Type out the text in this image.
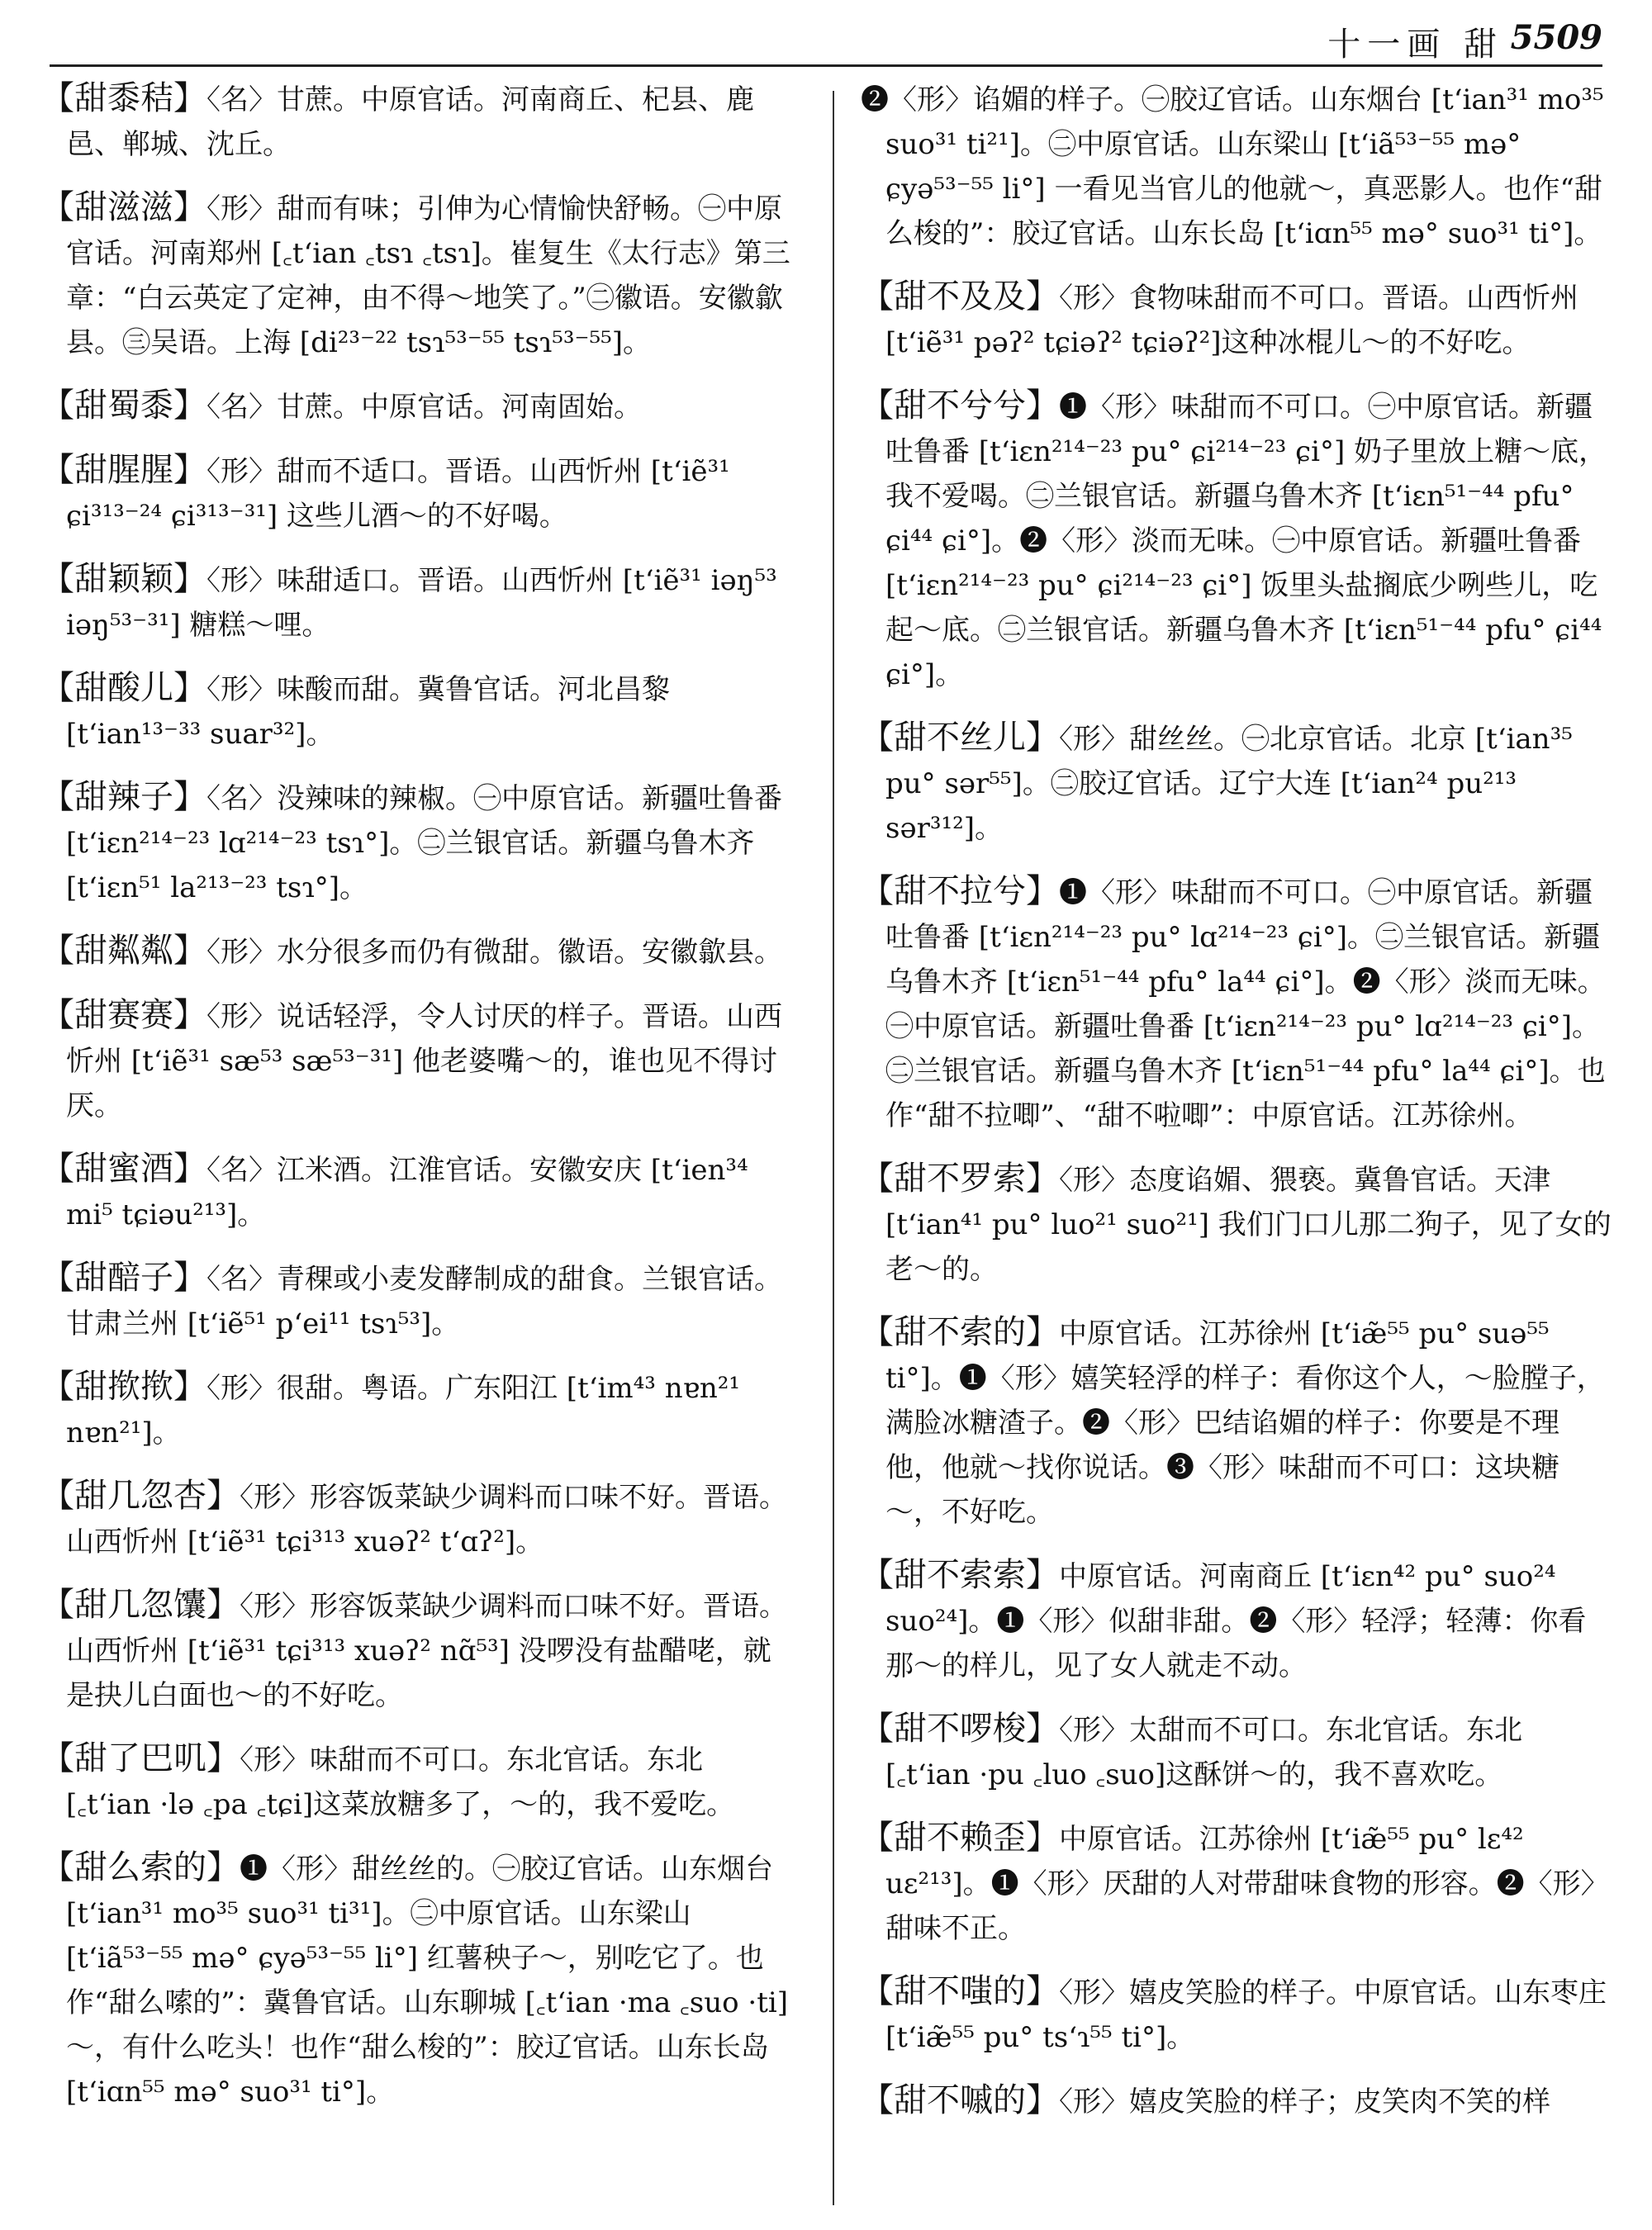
十一画 甜 5509

【甜黍秸】〈名〉甘蔗。中原官话。河南商丘、杞县、鹿邑、郸城、沈丘。

【甜滋滋】〈形〉甜而有味；引伸为心情愉快舒畅。㊀中原官话。河南郑州 [꜀tʻian ꜀tsɿ ꜀tsɿ]。崔复生《太行志》第三章：“白云英定了定神，由不得～地笑了。”㊁徽语。安徽歙县。㊂吴语。上海 [di²³⁻²² tsɿ⁵³⁻⁵⁵ tsɿ⁵³⁻⁵⁵]。

【甜蜀黍】〈名〉甘蔗。中原官话。河南固始。

【甜腥腥】〈形〉甜而不适口。晋语。山西忻州 [tʻiẽ³¹ ɕi³¹³⁻²⁴ ɕi³¹³⁻³¹] 这些儿酒～的不好喝。

【甜颖颖】〈形〉味甜适口。晋语。山西忻州 [tʻiẽ³¹ iəŋ⁵³ iəŋ⁵³⁻³¹] 糖糕～哩。

【甜酸儿】〈形〉味酸而甜。冀鲁官话。河北昌黎 [tʻian¹³⁻³³ suar³²]。

【甜辣子】〈名〉没辣味的辣椒。㊀中原官话。新疆吐鲁番 [tʻiɛn²¹⁴⁻²³ lɑ²¹⁴⁻²³ tsɿ°]。㊁兰银官话。新疆乌鲁木齐 [tʻiɛn⁵¹ la²¹³⁻²³ tsɿ°]。

【甜粼粼】〈形〉水分很多而仍有微甜。徽语。安徽歙县。

【甜赛赛】〈形〉说话轻浮，令人讨厌的样子。晋语。山西忻州 [tʻiẽ³¹ sæ⁵³ sæ⁵³⁻³¹] 他老婆嘴～的，谁也见不得讨厌。

【甜蜜酒】〈名〉江米酒。江淮官话。安徽安庆 [tʻien³⁴ mi⁵ tɕiəu²¹³]。

【甜醅子】〈名〉青稞或小麦发酵制成的甜食。兰银官话。甘肃兰州 [tʻiẽ⁵¹ pʻei¹¹ tsɿ⁵³]。

【甜揿揿】〈形〉很甜。粤语。广东阳江 [tʻim⁴³ nɐn²¹ nɐn²¹]。

【甜几忽杏】〈形〉形容饭菜缺少调料而口味不好。晋语。山西忻州 [tʻiẽ³¹ tɕi³¹³ xuəʔ² tʻɑʔ²]。

【甜几忽馕】〈形〉形容饭菜缺少调料而口味不好。晋语。山西忻州 [tʻiẽ³¹ tɕi³¹³ xuəʔ² nɑ̃⁵³] 没啰没有盐醋咾，就是抉儿白面也～的不好吃。

【甜了巴叽】〈形〉味甜而不可口。东北官话。东北 [꜀tʻian ·lə ꜀pa ꜀tɕi]这菜放糖多了，～的，我不爱吃。

【甜么索的】❶〈形〉甜丝丝的。㊀胶辽官话。山东烟台 [tʻian³¹ mo³⁵ suo³¹ ti³¹]。㊁中原官话。山东梁山 [tʻiã⁵³⁻⁵⁵ mə° ɕyə⁵³⁻⁵⁵ li°] 红薯秧子～，别吃它了。也作“甜么嗦的”：冀鲁官话。山东聊城 [꜀tʻian ·ma ꜀suo ·ti]～，有什么吃头！也作“甜么梭的”：胶辽官话。山东长岛 [tʻiɑn⁵⁵ mə° suo³¹ ti°]。

❷〈形〉谄媚的样子。㊀胶辽官话。山东烟台 [tʻian³¹ mo³⁵ suo³¹ ti²¹]。㊁中原官话。山东梁山 [tʻiã⁵³⁻⁵⁵ mə° ɕyə⁵³⁻⁵⁵ li°] 一看见当官儿的他就～，真恶影人。也作“甜么梭的”：胶辽官话。山东长岛 [tʻiɑn⁵⁵ mə° suo³¹ ti°]。

【甜不及及】〈形〉食物味甜而不可口。晋语。山西忻州 [tʻiẽ³¹ pəʔ² tɕiəʔ² tɕiəʔ²]这种冰棍儿～的不好吃。

【甜不兮兮】❶〈形〉味甜而不可口。㊀中原官话。新疆吐鲁番 [tʻiɛn²¹⁴⁻²³ pu° ɕi²¹⁴⁻²³ ɕi°] 奶子里放上糖～底，我不爱喝。㊁兰银官话。新疆乌鲁木齐 [tʻiɛn⁵¹⁻⁴⁴ pfu° ɕi⁴⁴ ɕi°]。❷〈形〉淡而无味。㊀中原官话。新疆吐鲁番 [tʻiɛn²¹⁴⁻²³ pu° ɕi²¹⁴⁻²³ ɕi°] 饭里头盐搁底少咧些儿，吃起～底。㊁兰银官话。新疆乌鲁木齐 [tʻiɛn⁵¹⁻⁴⁴ pfu° ɕi⁴⁴ ɕi°]。

【甜不丝儿】〈形〉甜丝丝。㊀北京官话。北京 [tʻian³⁵ pu° sər⁵⁵]。㊁胶辽官话。辽宁大连 [tʻian²⁴ pu²¹³ sər³¹²]。

【甜不拉兮】❶〈形〉味甜而不可口。㊀中原官话。新疆吐鲁番 [tʻiɛn²¹⁴⁻²³ pu° lɑ²¹⁴⁻²³ ɕi°]。㊁兰银官话。新疆乌鲁木齐 [tʻiɛn⁵¹⁻⁴⁴ pfu° la⁴⁴ ɕi°]。❷〈形〉淡而无味。㊀中原官话。新疆吐鲁番 [tʻiɛn²¹⁴⁻²³ pu° lɑ²¹⁴⁻²³ ɕi°]。㊁兰银官话。新疆乌鲁木齐 [tʻiɛn⁵¹⁻⁴⁴ pfu° la⁴⁴ ɕi°]。也作“甜不拉唧”、“甜不啦唧”：中原官话。江苏徐州。

【甜不罗索】〈形〉态度谄媚、猥亵。冀鲁官话。天津 [tʻian⁴¹ pu° luo²¹ suo²¹] 我们门口儿那二狗子，见了女的老～的。

【甜不索的】中原官话。江苏徐州 [tʻiæ̃⁵⁵ pu° suə⁵⁵ ti°]。❶〈形〉嬉笑轻浮的样子：看你这个人，～脸膛子，满脸冰糖渣子。❷〈形〉巴结谄媚的样子：你要是不理他，他就～找你说话。❸〈形〉味甜而不可口：这块糖～，不好吃。

【甜不索索】中原官话。河南商丘 [tʻiɛn⁴² pu° suo²⁴ suo²⁴]。❶〈形〉似甜非甜。❷〈形〉轻浮；轻薄：你看那～的样儿，见了女人就走不动。

【甜不啰梭】〈形〉太甜而不可口。东北官话。东北 [꜀tʻian ·pu ꜀luo ꜀suo]这酥饼～的，我不喜欢吃。

【甜不赖歪】中原官话。江苏徐州 [tʻiæ̃⁵⁵ pu° lɛ⁴² uɛ²¹³]。❶〈形〉厌甜的人对带甜味食物的形容。❷〈形〉甜味不正。

【甜不嗤的】〈形〉嬉皮笑脸的样子。中原官话。山东枣庄 [tʻiæ̃⁵⁵ pu° tsʻɿ⁵⁵ ti°]。

【甜不嘁的】〈形〉嬉皮笑脸的样子；皮笑肉不笑的样
